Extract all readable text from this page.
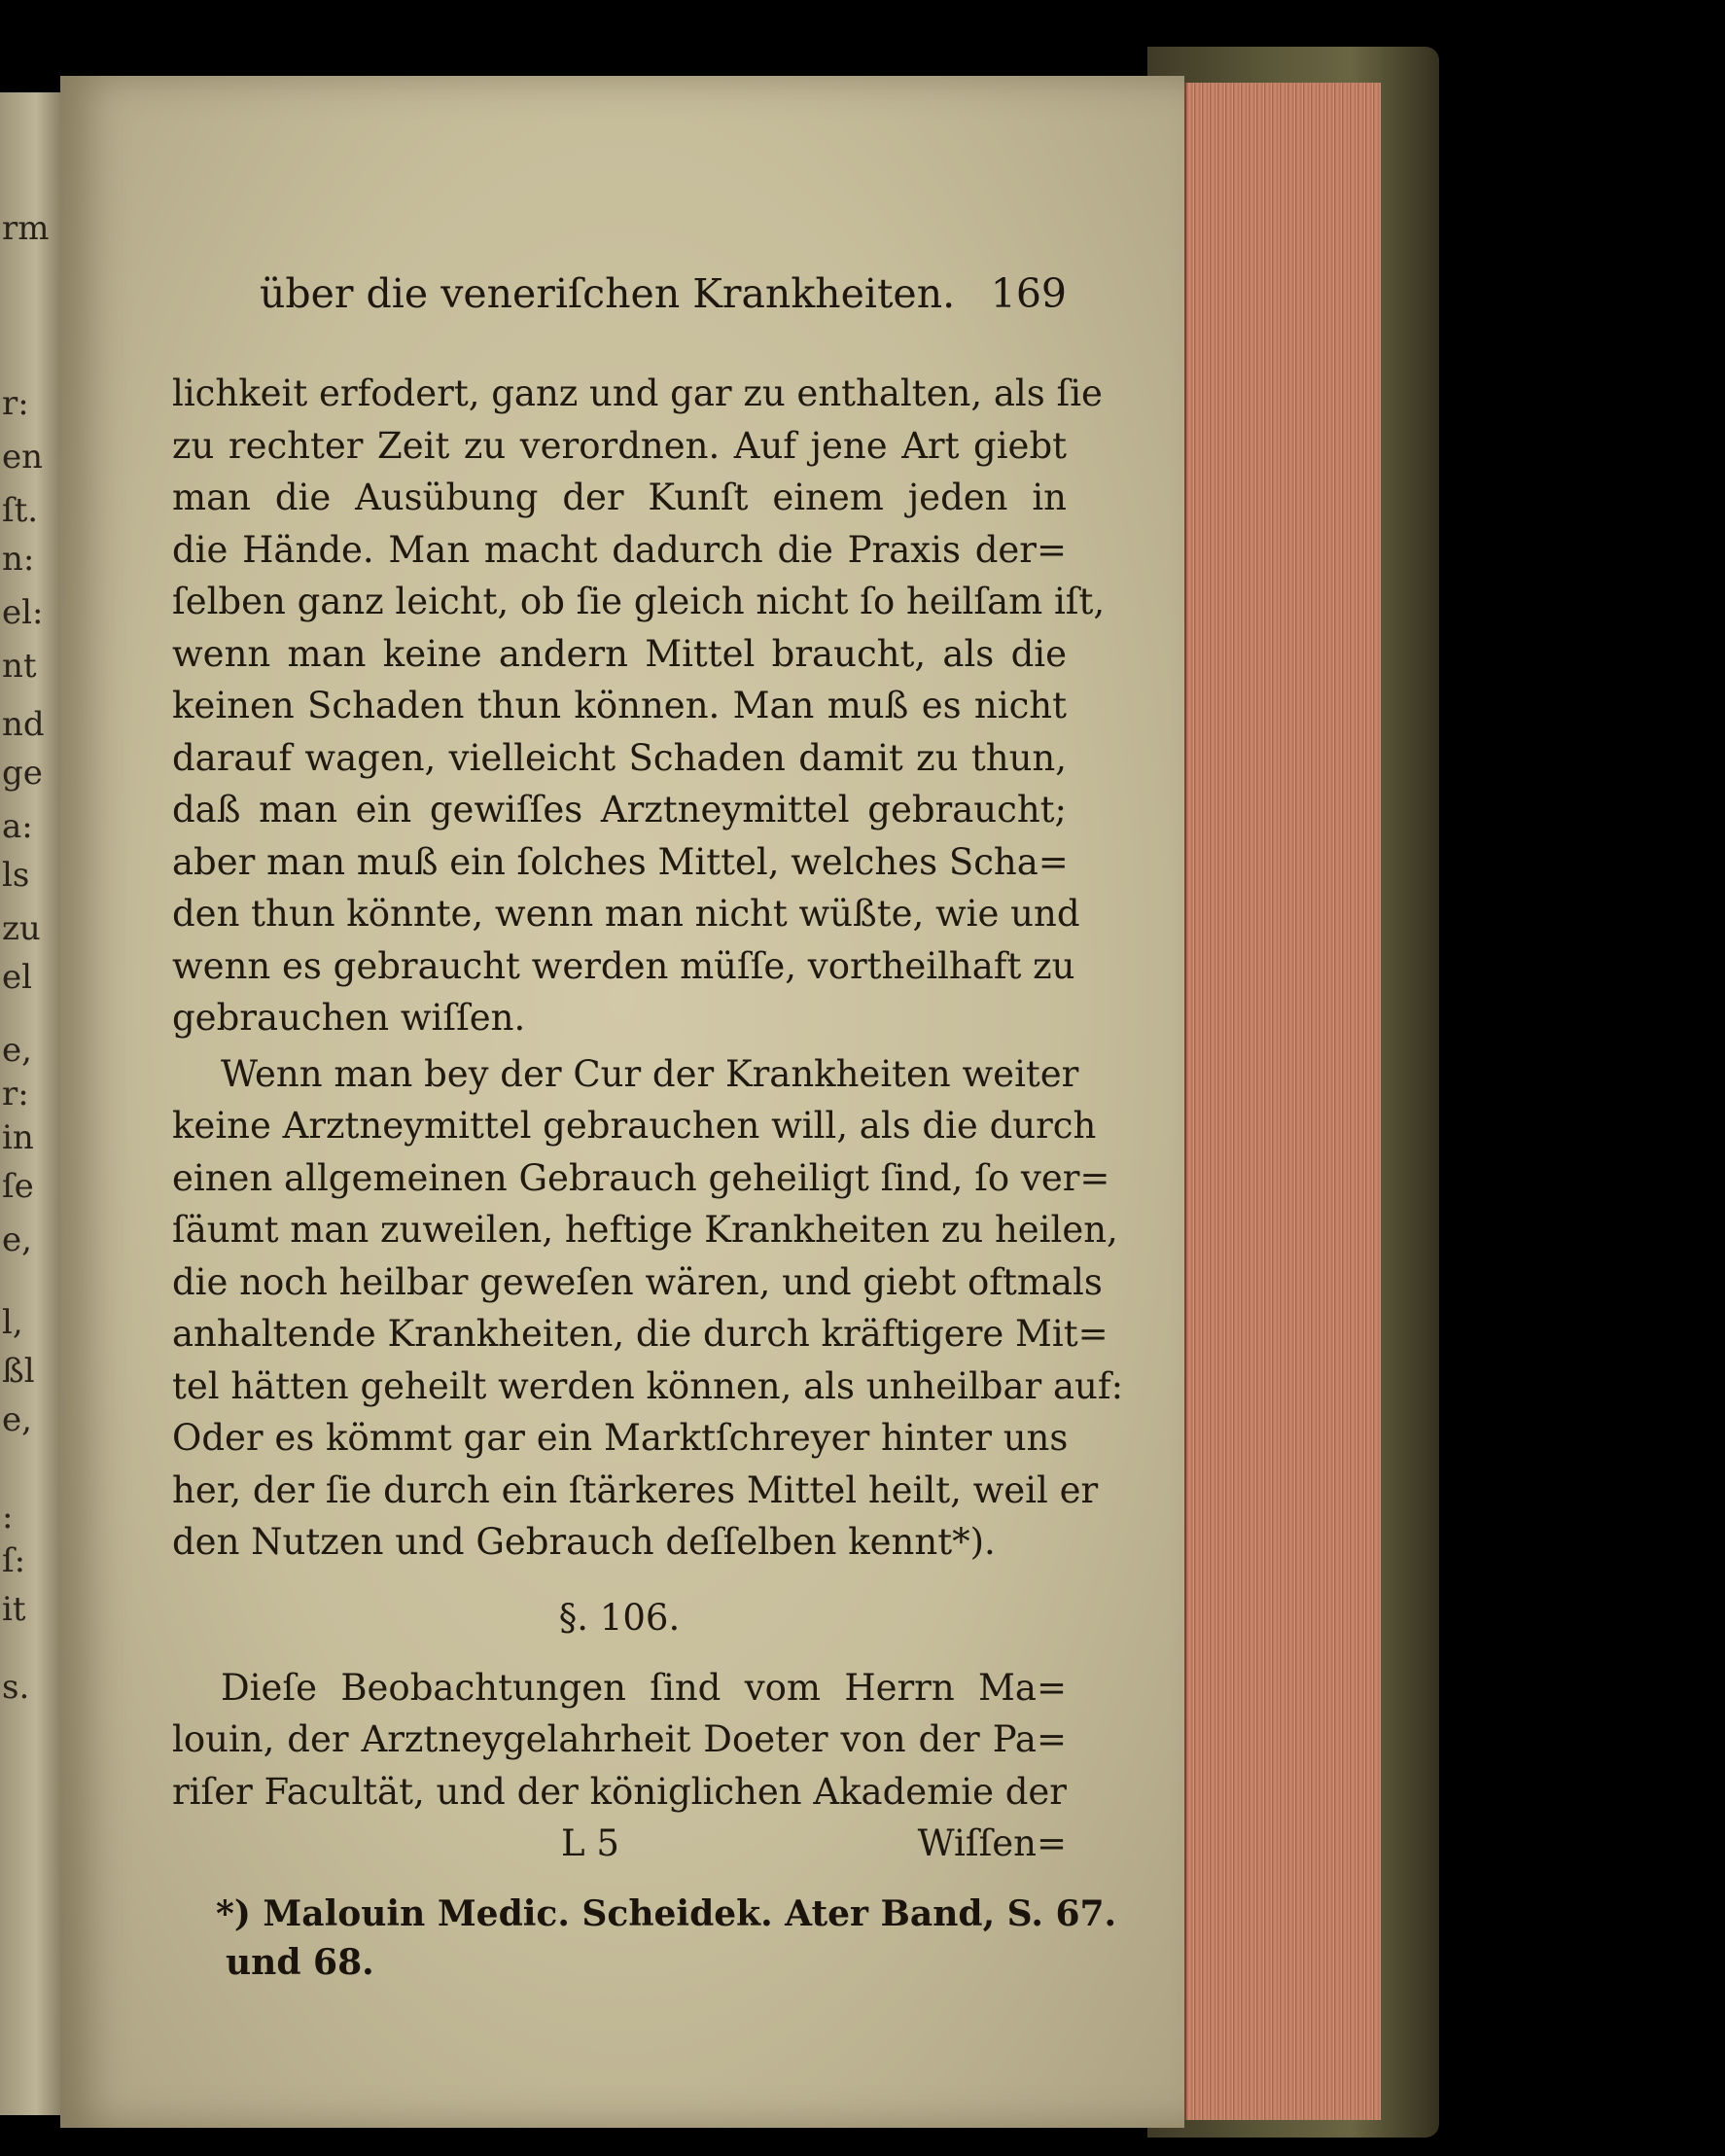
rm
r:
en
ſt.
n:
el:
nt
nd
ge
a:
ls
zu
el
e,
r:
in
ſe
e,
l,
ßl
e,
:
ſ:
it
s.
über die veneriſchen Krankheiten. 169
lichkeit erfodert, ganz und gar zu enthalten, als ſie
zu rechter Zeit zu verordnen. Auf jene Art giebt
man die Ausübung der Kunſt einem jeden in
die Hände. Man macht dadurch die Praxis der=
ſelben ganz leicht, ob ſie gleich nicht ſo heilſam iſt,
wenn man keine andern Mittel braucht, als die
keinen Schaden thun können. Man muß es nicht
darauf wagen, vielleicht Schaden damit zu thun,
daß man ein gewiſſes Arztneymittel gebraucht;
aber man muß ein ſolches Mittel, welches Scha=
den thun könnte, wenn man nicht wüßte, wie und
wenn es gebraucht werden müſſe, vortheilhaft zu
gebrauchen wiſſen.
Wenn man bey der Cur der Krankheiten weiter
keine Arztneymittel gebrauchen will, als die durch
einen allgemeinen Gebrauch geheiligt ſind, ſo ver=
ſäumt man zuweilen, heftige Krankheiten zu heilen,
die noch heilbar geweſen wären, und giebt oftmals
anhaltende Krankheiten, die durch kräftigere Mit=
tel hätten geheilt werden können, als unheilbar auf:
Oder es kömmt gar ein Marktſchreyer hinter uns
her, der ſie durch ein ſtärkeres Mittel heilt, weil er
den Nutzen und Gebrauch deſſelben kennt*).
§. 106.
Dieſe Beobachtungen ſind vom Herrn Ma=
louin, der Arztneygelahrheit Doeter von der Pa=
riſer Facultät, und der königlichen Akademie der
L 5	Wiſſen=
*) Malouin Medic. Scheidek. Ater Band, S. 67.
und 68.
